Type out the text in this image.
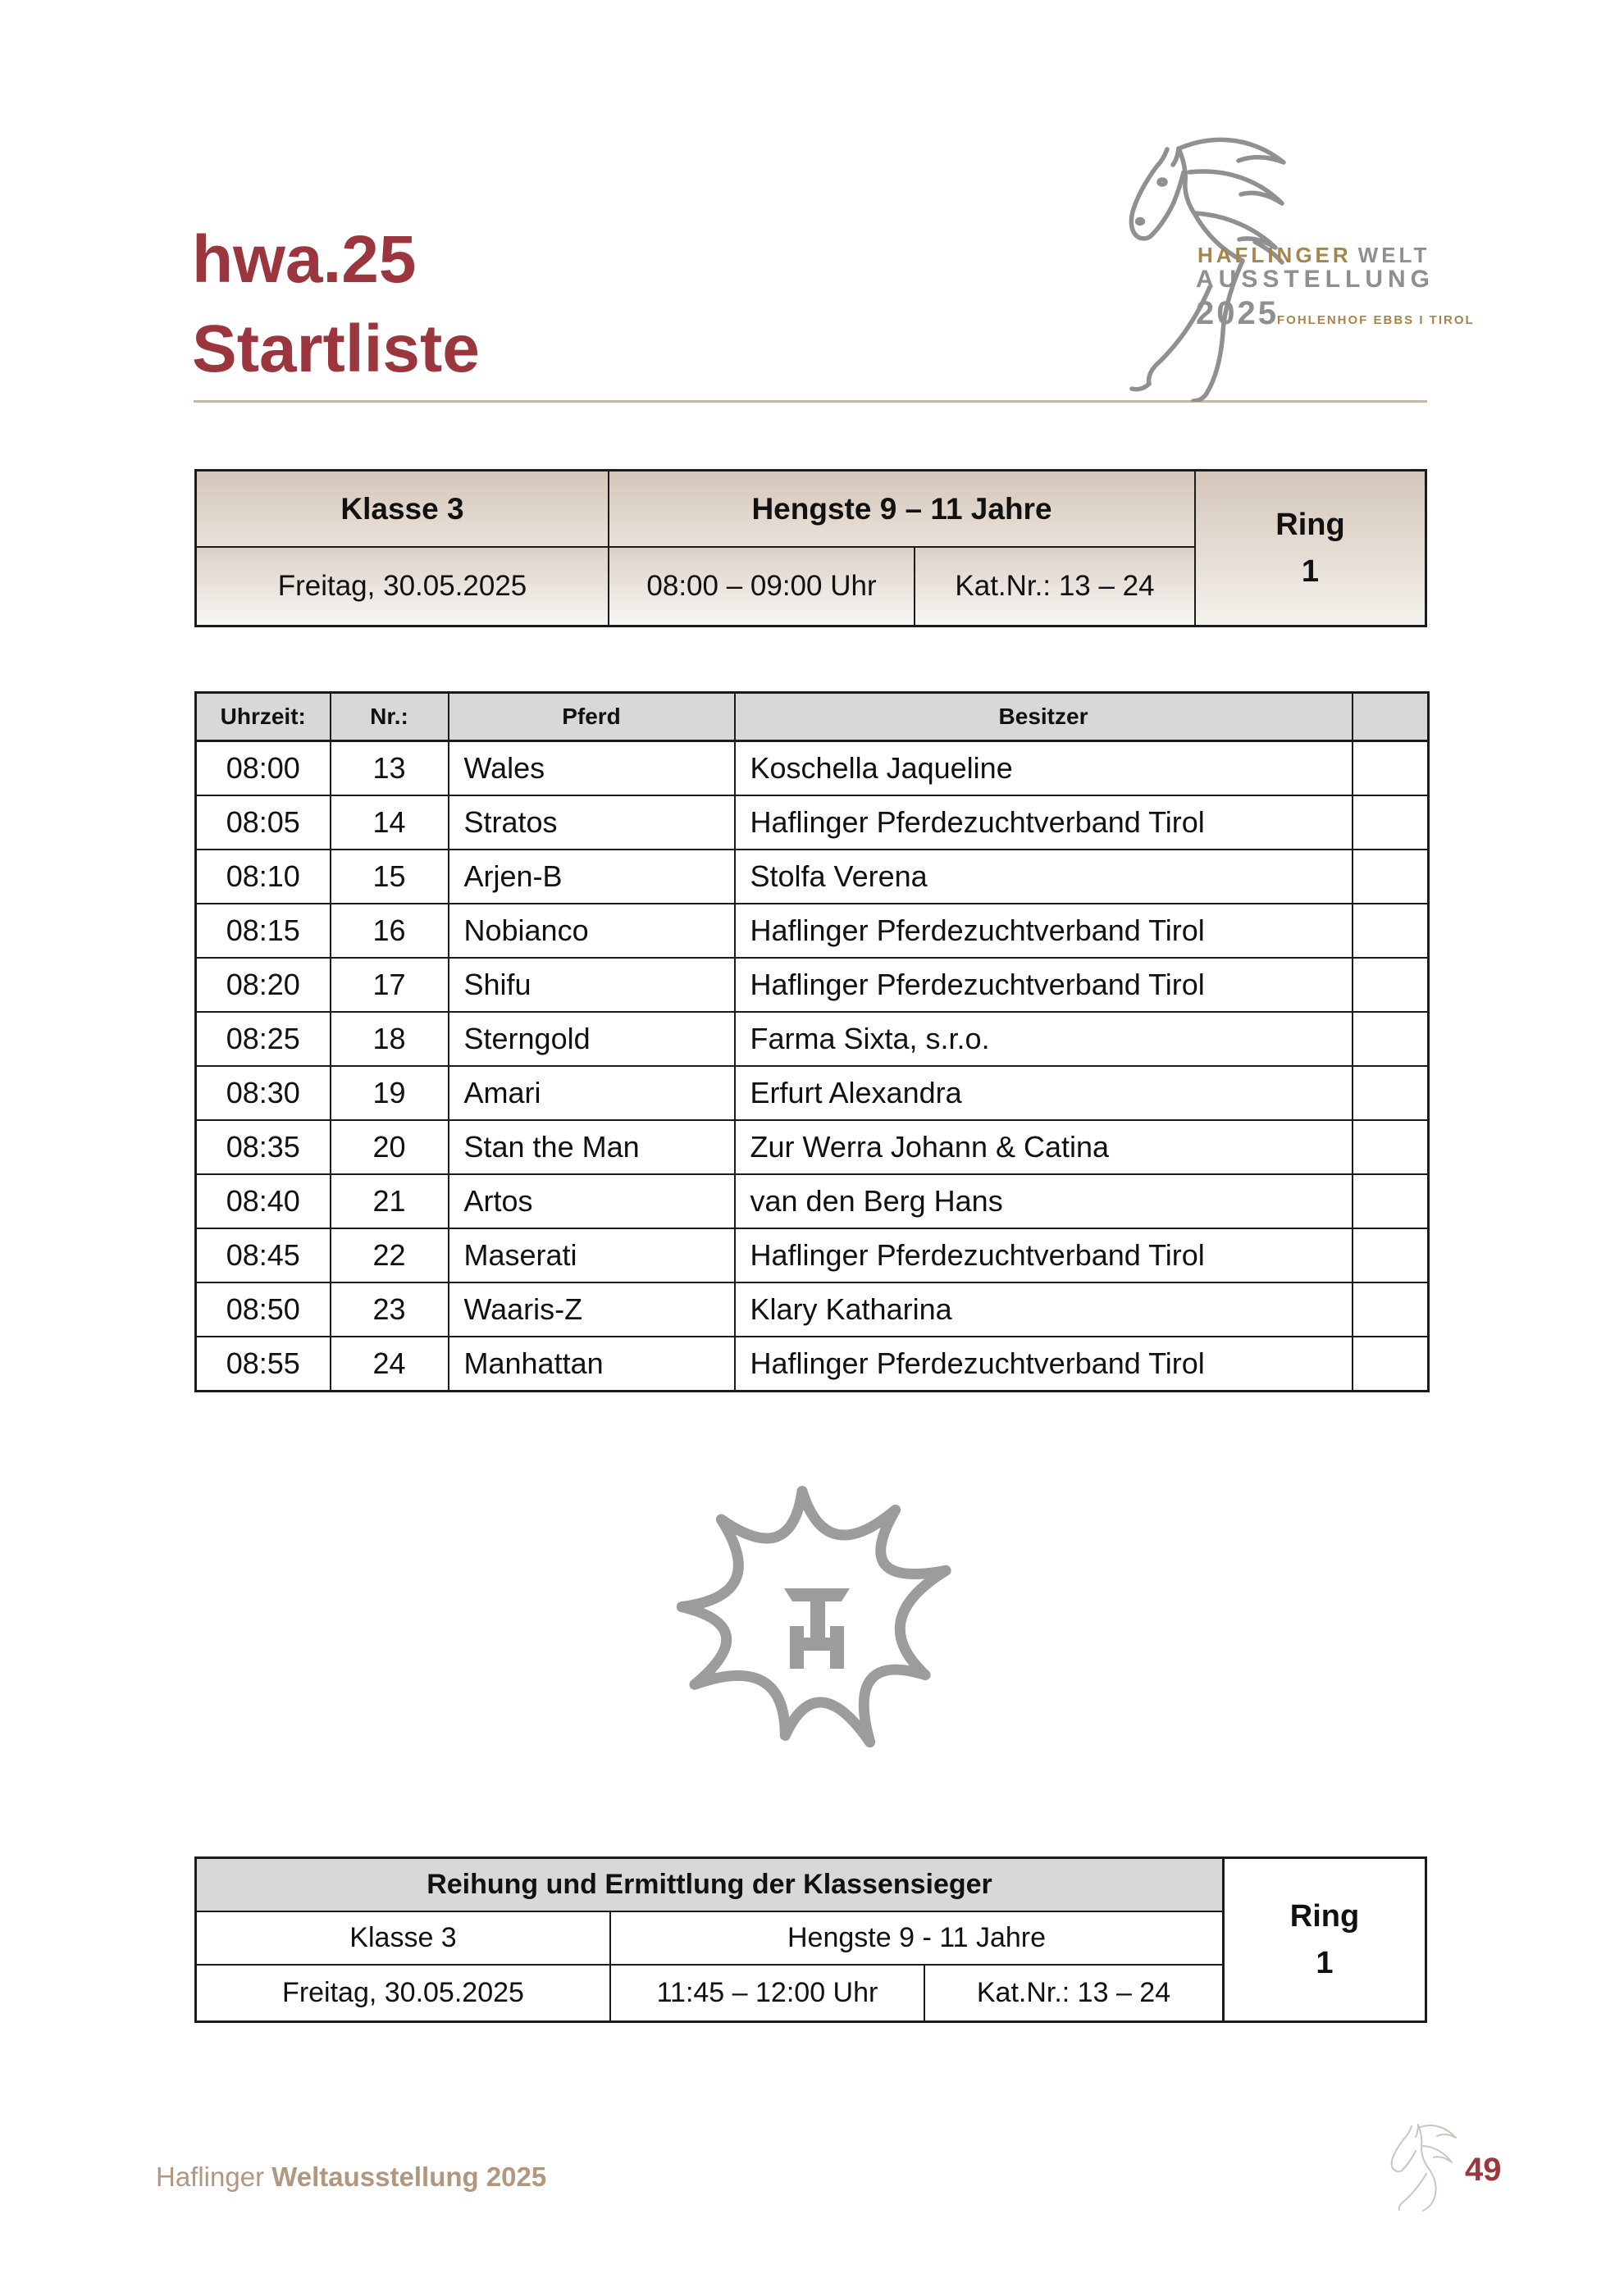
hwa.25
Startliste
HAFLINGER WELT
AUSSTELLUNG
2025
FOHLENHOF EBBS I TIROL
Klasse 3	Hengste 9 – 11 Jahre	Ring
1
Freitag, 30.05.2025	08:00 – 09:00 Uhr	Kat.Nr.: 13 – 24
Uhrzeit:	Nr.:	Pferd	Besitzer	
08:00	13	Wales	Koschella Jaqueline	
08:05	14	Stratos	Haflinger Pferdezuchtverband Tirol	
08:10	15	Arjen-B	Stolfa Verena	
08:15	16	Nobianco	Haflinger Pferdezuchtverband Tirol	
08:20	17	Shifu	Haflinger Pferdezuchtverband Tirol	
08:25	18	Sterngold	Farma Sixta, s.r.o.	
08:30	19	Amari	Erfurt Alexandra	
08:35	20	Stan the Man	Zur Werra Johann & Catina	
08:40	21	Artos	van den Berg Hans	
08:45	22	Maserati	Haflinger Pferdezuchtverband Tirol	
08:50	23	Waaris-Z	Klary Katharina	
08:55	24	Manhattan	Haflinger Pferdezuchtverband Tirol	
Reihung und Ermittlung der Klassensieger
Klasse 3	Hengste 9 - 11 Jahre
Freitag, 30.05.2025	11:45 – 12:00 Uhr	Kat.Nr.: 13 – 24
Ring
1
Haflinger Weltausstellung 2025	49
